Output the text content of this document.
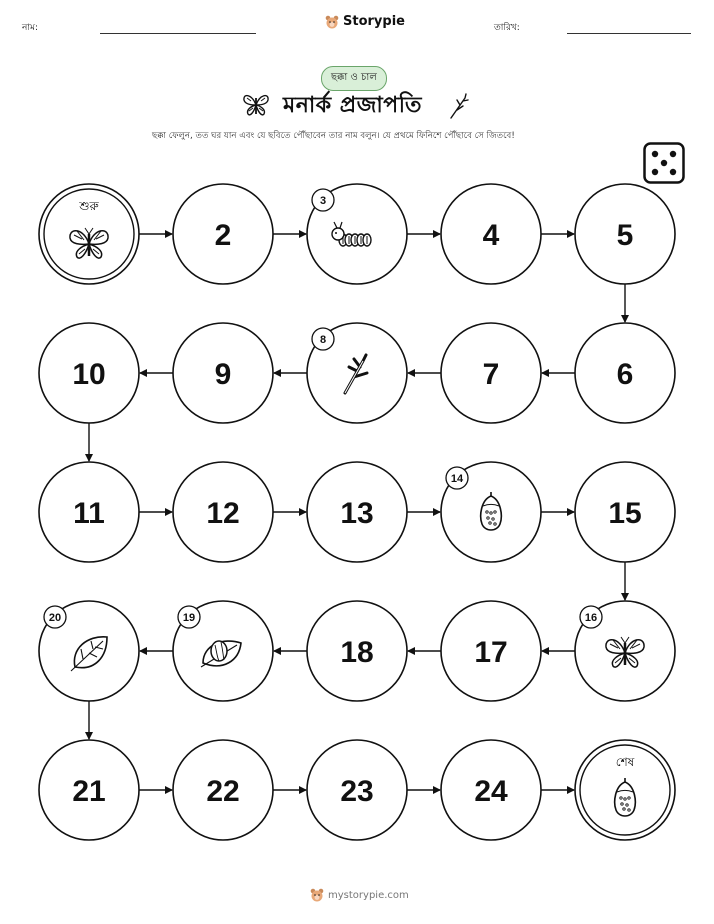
নাম:	Storypie	তারিখ:
ছক্কা ও চাল
মনার্ক প্রজাপতি
ছক্কা ফেলুন, তত ঘর যান এবং যে ছবিতে পৌঁছাবেন তার নাম বলুন। যে প্রথমে ফিনিশে পৌঁছাবে সে জিতবে!
শুরু
2
3
4	5
6
7
8
9
10
11	12	13
14
15
16
17
18
19
20
21	22	23	24
শেষ
mystorypie.com
